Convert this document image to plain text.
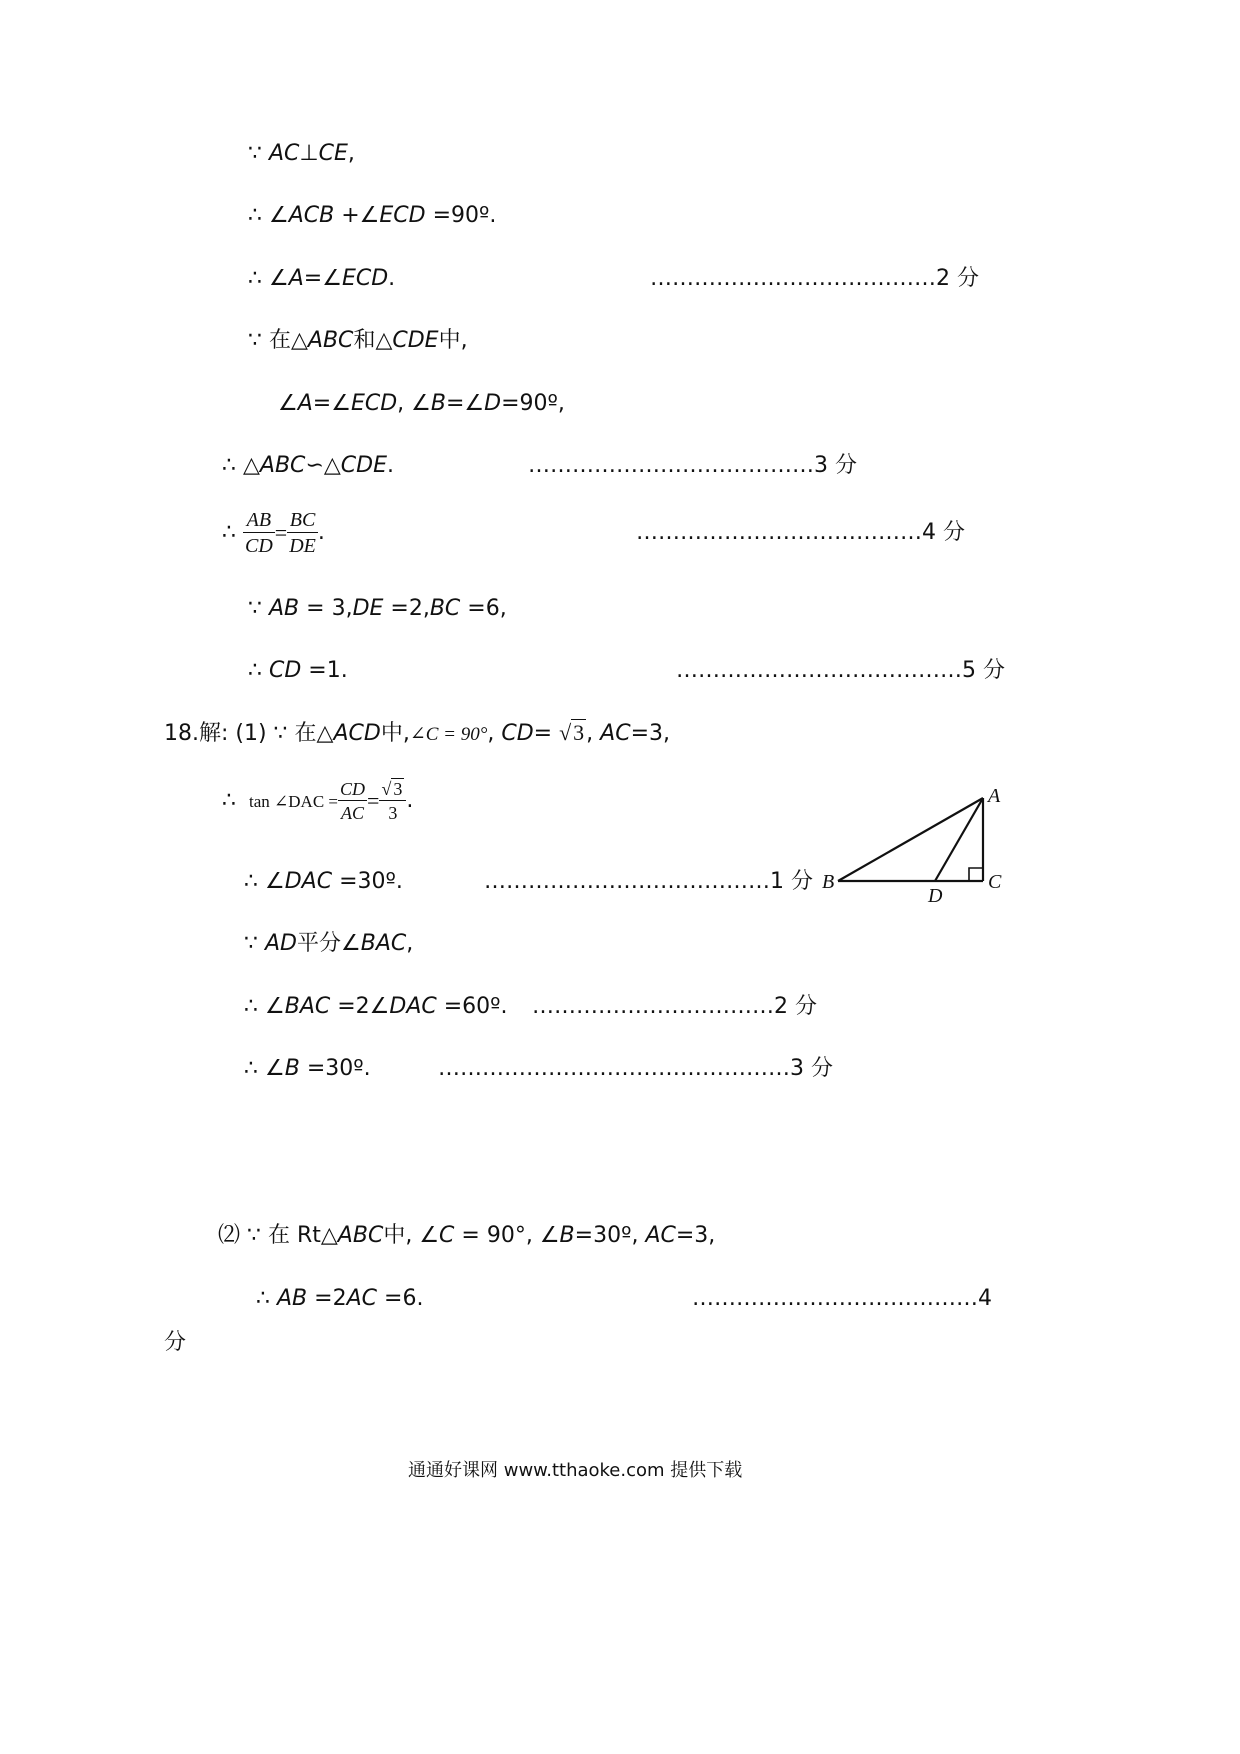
∵ AC⊥CE,
∴ ∠ACB +∠ECD =90º.
∴ ∠A=∠ECD.	…………………………………2 分
∵ 在△ABC和△CDE中,
∠A=∠ECD, ∠B=∠D=90º,
∴ △ABC∽△CDE.	…………………………………3 分
∴ $\frac{AB}{CD} = \frac{BC}{DE}$ .	…………………………………4 分
∵ AB = 3,DE =2,BC =6,
∴ CD =1.	…………………………………5 分
18.解: (1) ∵ 在△ACD中,∠C = 90°, CD= √3, AC=3,
∴ tan ∠DAC = $\frac{CD}{AC} = \frac{√ 3}{3}$ .
∴ ∠DAC =30º.	…………………………………1 分
∵ AD平分∠BAC,
∴ ∠BAC =2∠DAC =60º. ……………………………2 分
∴ ∠B =30º.	…………………………………………3 分
⑵ ∵ 在 Rt△ABC中, ∠C = 90°, ∠B=30º, AC=3,
∴ AB =2AC =6.	…………………………………4
分
A
B	C
D
通通好课网 www.tthaoke.com 提供下载
